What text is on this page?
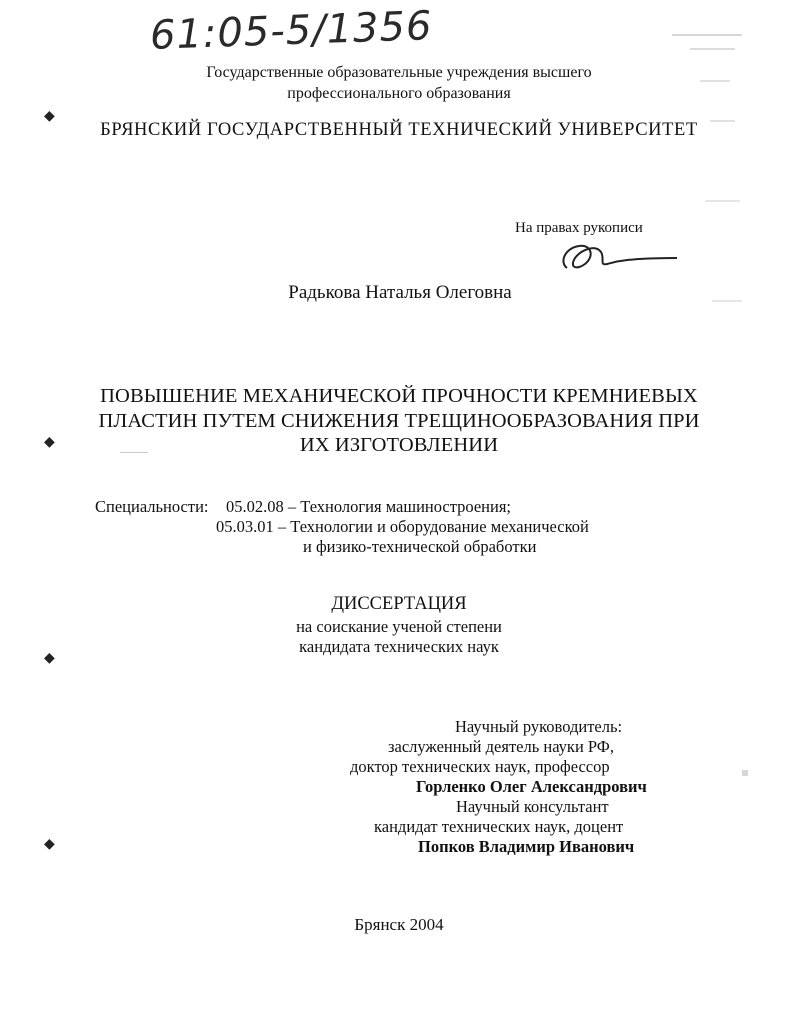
61:05-5/1356
◆
◆
◆
◆
Государственные образовательные учреждения высшего
профессионального образования
БРЯНСКИЙ ГОСУДАРСТВЕННЫЙ ТЕХНИЧЕСКИЙ УНИВЕРСИТЕТ
На правах рукописи
Радькова Наталья Олеговна
ПОВЫШЕНИЕ МЕХАНИЧЕСКОЙ ПРОЧНОСТИ КРЕМНИЕВЫХ
ПЛАСТИН ПУТЕМ СНИЖЕНИЯ ТРЕЩИНООБРАЗОВАНИЯ ПРИ
ИХ ИЗГОТОВЛЕНИИ
Специальности: 05.02.08 – Технология машиностроения;
05.03.01 – Технологии и оборудование механической
и физико-технической обработки
ДИССЕРТАЦИЯ
на соискание ученой степени
кандидата технических наук
Научный руководитель:
заслуженный деятель науки РФ,
доктор технических наук, профессор
Горленко Олег Александрович
Научный консультант
кандидат технических наук, доцент
Попков Владимир Иванович
Брянск 2004
